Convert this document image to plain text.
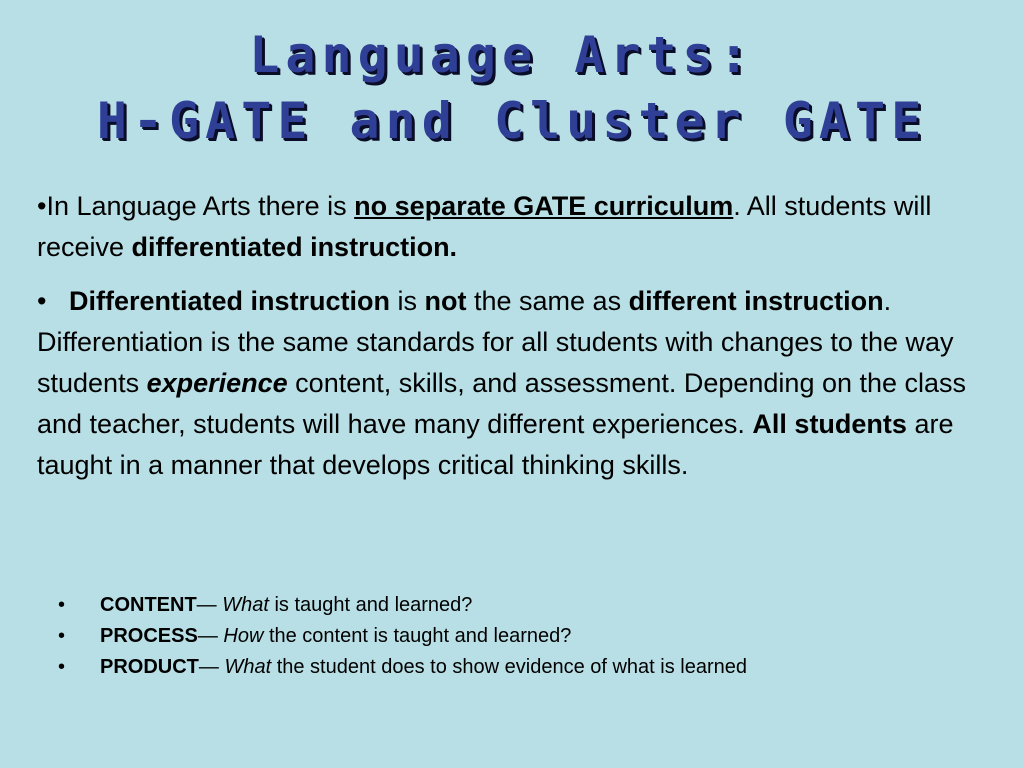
Language Arts:
H-GATE and Cluster GATE

•In Language Arts there is no separate GATE curriculum. All students will receive differentiated instruction.

• Differentiated instruction is not the same as different instruction. Differentiation is the same standards for all students with changes to the way students experience content, skills, and assessment. Depending on the class and teacher, students will have many different experiences. All students are taught in a manner that develops critical thinking skills.

• CONTENT— What is taught and learned?
• PROCESS— How the content is taught and learned?
• PRODUCT— What the student does to show evidence of what is learned
